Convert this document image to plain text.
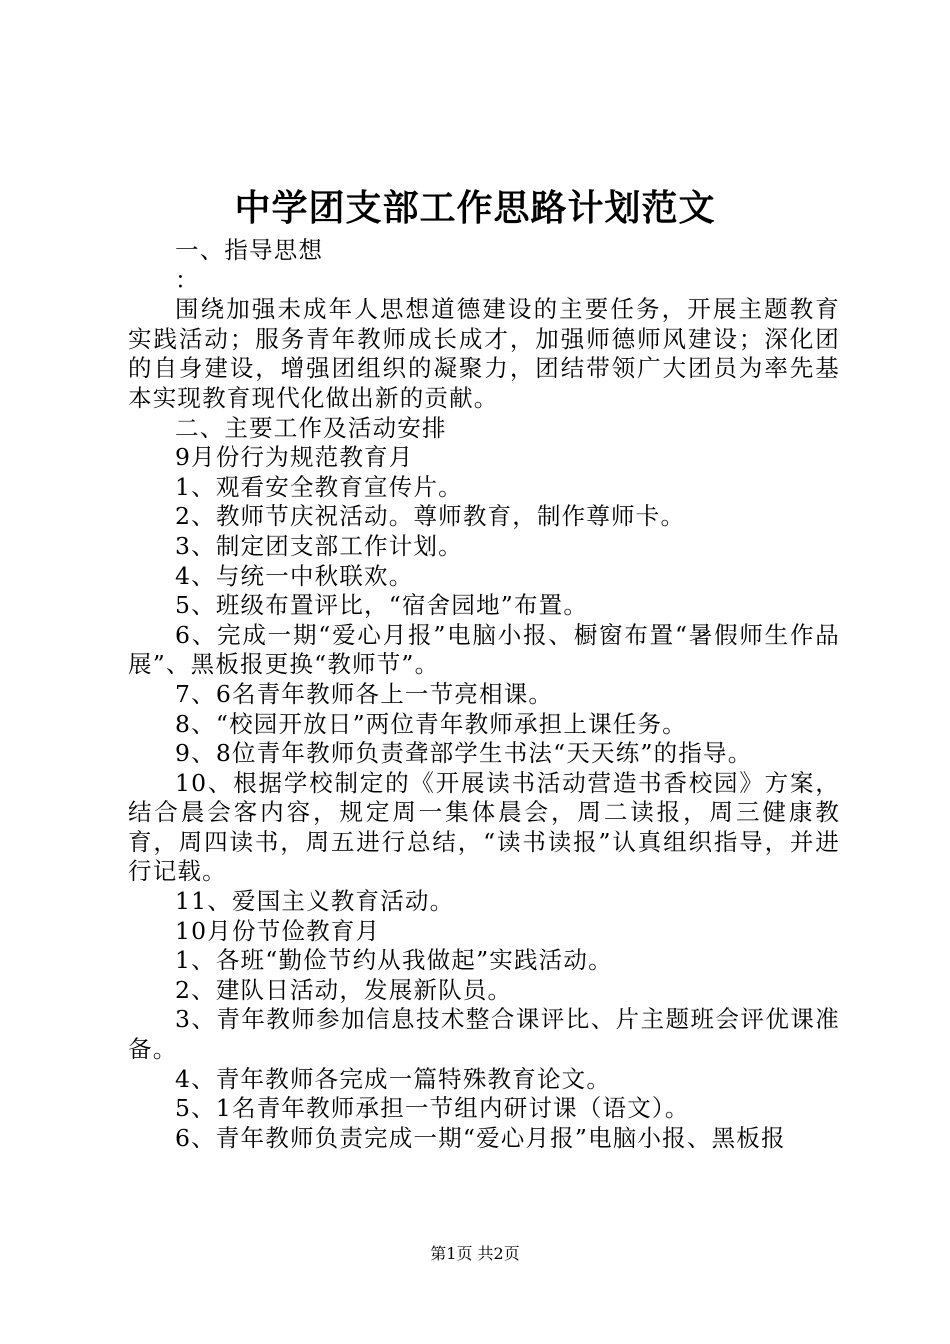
中学团支部工作思路计划范文

一、指导思想

：

围绕加强未成年人思想道德建设的主要任务，开展主题教育实践活动；服务青年教师成长成才，加强师德师风建设；深化团的自身建设，增强团组织的凝聚力，团结带领广大团员为率先基本实现教育现代化做出新的贡献。

二、主要工作及活动安排

9月份行为规范教育月

1、观看安全教育宣传片。

2、教师节庆祝活动。尊师教育，制作尊师卡。

3、制定团支部工作计划。

4、与统一中秋联欢。

5、班级布置评比，“宿舍园地”布置。

6、完成一期“爱心月报”电脑小报、橱窗布置“暑假师生作品展”、黑板报更换“教师节”。

7、6名青年教师各上一节亮相课。

8、“校园开放日”两位青年教师承担上课任务。

9、8位青年教师负责聋部学生书法“天天练”的指导。

10、根据学校制定的《开展读书活动营造书香校园》方案，结合晨会客内容，规定周一集体晨会，周二读报，周三健康教育，周四读书，周五进行总结，“读书读报”认真组织指导，并进行记载。

11、爱国主义教育活动。

10月份节俭教育月

1、各班“勤俭节约从我做起”实践活动。

2、建队日活动，发展新队员。

3、青年教师参加信息技术整合课评比、片主题班会评优课准备。

4、青年教师各完成一篇特殊教育论文。

5、1名青年教师承担一节组内研讨课（语文）。

6、青年教师负责完成一期“爱心月报”电脑小报、黑板报

第1页 共2页
